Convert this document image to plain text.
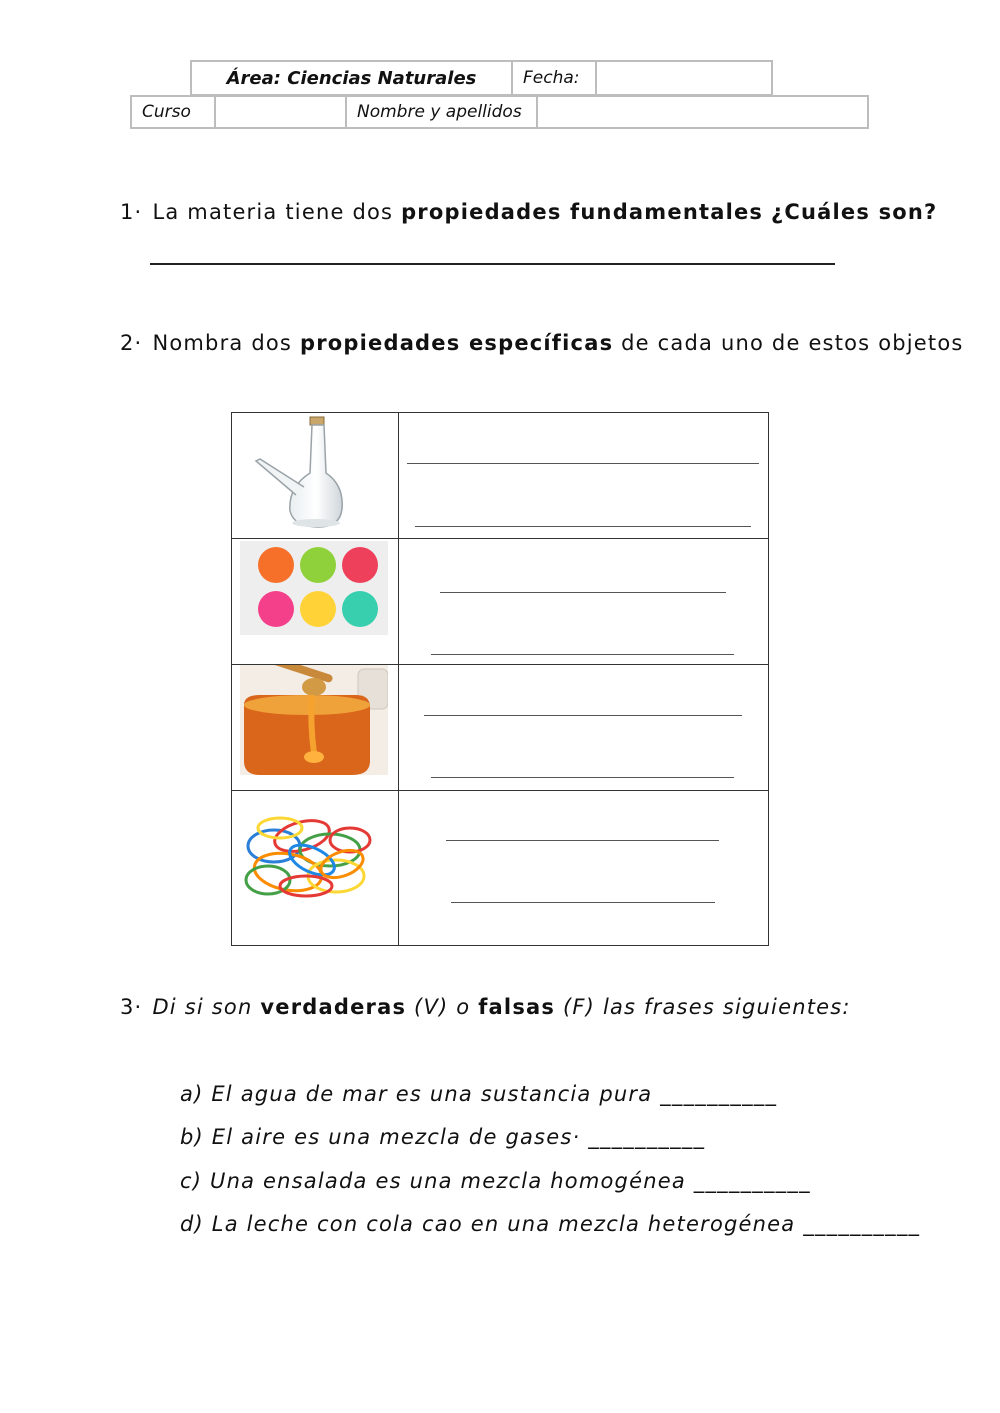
Área: Ciencias Naturales	Fecha:
Curso	Nombre y apellidos
1· La materia tiene dos propiedades fundamentales ¿Cuáles son?
2· Nombra dos propiedades específicas de cada uno de estos objetos
3· Di si son verdaderas (V) o falsas (F) las frases siguientes:
a) El agua de mar es una sustancia pura __________
b) El aire es una mezcla de gases· __________
c) Una ensalada es una mezcla homogénea __________
d) La leche con cola cao en una mezcla heterogénea __________
